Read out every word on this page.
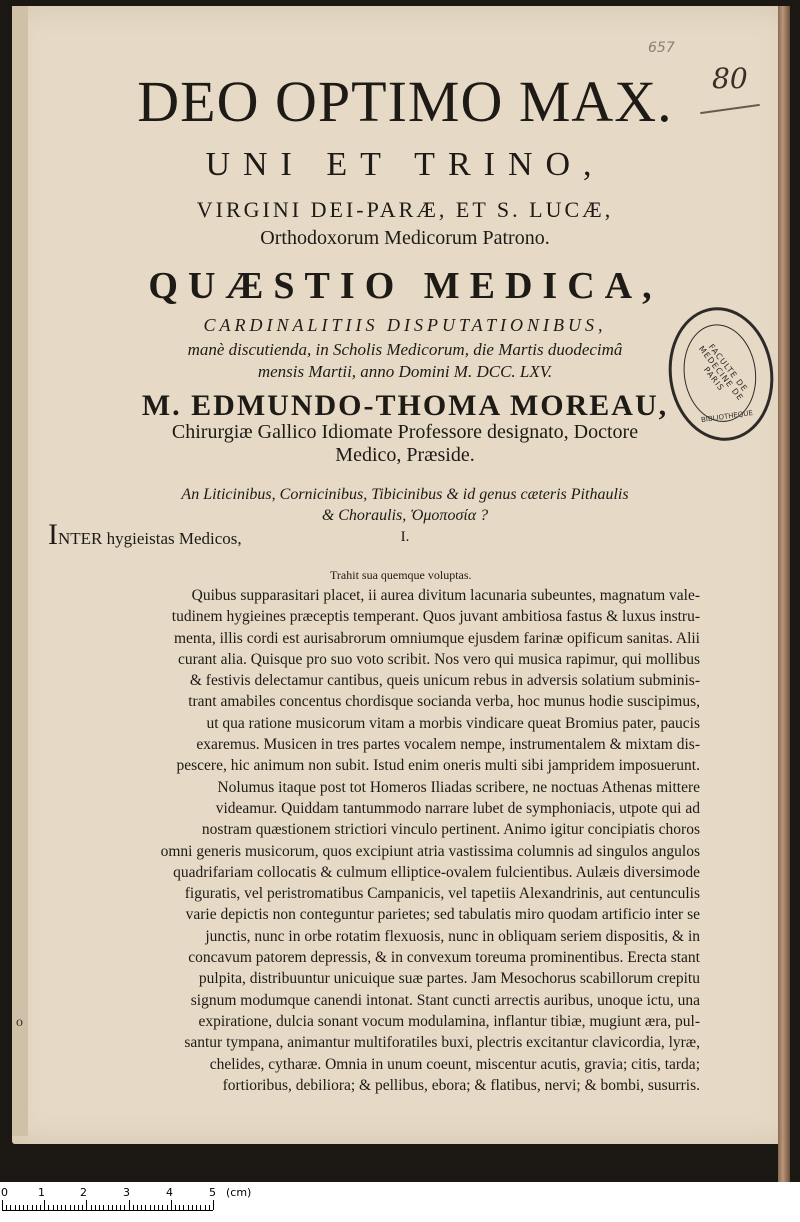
657
80
DEO OPTIMO MAX.
UNI ET TRINO,
VIRGINI DEI-PARÆ, ET S. LUCÆ,
Orthodoxorum Medicorum Patrono.
QUÆSTIO MEDICA,
CARDINALITIIS DISPUTATIONIBUS,
manè discutienda, in Scholis Medicorum, die Martis duodecimâ
mensis Martii, anno Domini M. DCC. LXV.
M. EDMUNDO-THOMA MOREAU,
Chirurgiæ Gallico Idiomate Professore designato, Doctore
Medico, Præside.
An Liticinibus, Cornicinibus, Tibicinibus & id genus cæteris Pithaulis
& Choraulis, Ὁμοποσία ?
I.
INTER hygieistas Medicos,
Trahit sua quemque voluptas.
Quibus supparasitari placet, ii aurea divitum lacunaria subeuntes, magnatum vale-
tudinem hygieines præceptis temperant. Quos juvant ambitiosa fastus & luxus instru-
menta, illis cordi est aurisabrorum omniumque ejusdem farinæ opificum sanitas. Alii
curant alia. Quisque pro suo voto scribit. Nos vero qui musica rapimur, qui mollibus
& festivis delectamur cantibus, queis unicum rebus in adversis solatium subminis-
trant amabiles concentus chordisque socianda verba, hoc munus hodie suscipimus,
ut qua ratione musicorum vitam a morbis vindicare queat Bromius pater, paucis
exaremus. Musicen in tres partes vocalem nempe, instrumentalem & mixtam dis-
pescere, hic animum non subit. Istud enim oneris multi sibi jampridem imposuerunt.
Nolumus itaque post tot Homeros Iliadas scribere, ne noctuas Athenas mittere
videamur. Quiddam tantummodo narrare lubet de symphoniacis, utpote qui ad
nostram quæstionem strictiori vinculo pertinent. Animo igitur concipiatis choros
omni generis musicorum, quos excipiunt atria vastissima columnis ad singulos angulos
quadrifariam collocatis & culmum elliptice-ovalem fulcientibus. Aulæis diversimode
figuratis, vel peristromatibus Campanicis, vel tapetiis Alexandrinis, aut centunculis
varie depictis non conteguntur parietes; sed tabulatis miro quodam artificio inter se
junctis, nunc in orbe rotatim flexuosis, nunc in obliquam seriem dispositis, & in
concavum patorem depressis, & in convexum toreuma prominentibus. Erecta stant
pulpita, distribuuntur unicuique suæ partes. Jam Mesochorus scabillorum crepitu
signum modumque canendi intonat. Stant cuncti arrectis auribus, unoque ictu, una
expiratione, dulcia sonant vocum modulamina, inflantur tibiæ, mugiunt æra, pul-
santur tympana, animantur multiforatiles buxi, plectris excitantur clavicordia, lyræ,
chelides, cytharæ. Omnia in unum coeunt, miscentur acutis, gravia; citis, tarda;
fortioribus, debiliora; & pellibus, ebora; & flatibus, nervi; & bombi, susurris.
FACULTE DE MEDECINE DE PARIS
BIBLIOTHEQUE
o
0	1	2	3	4	5 (cm)
